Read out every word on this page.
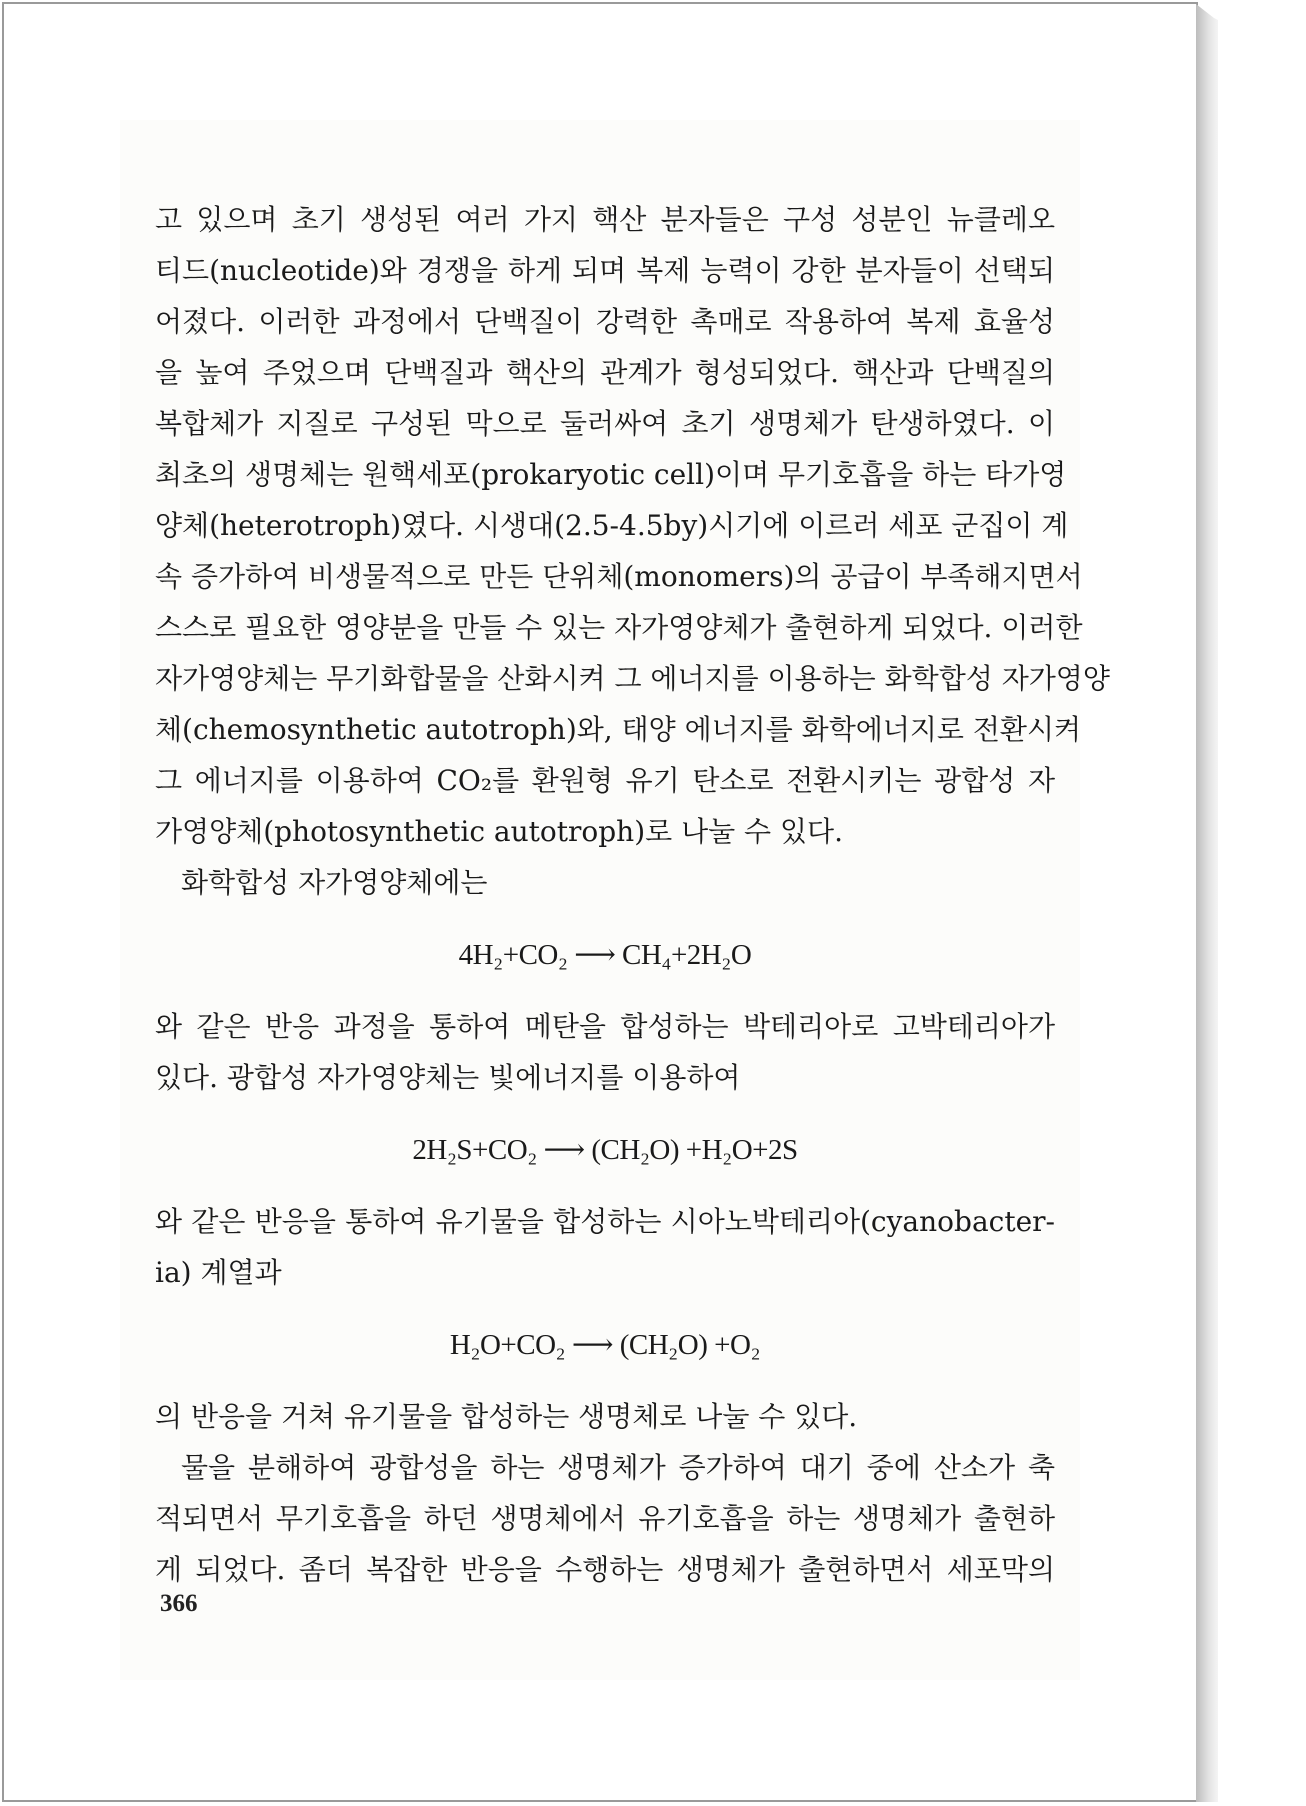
고 있으며 초기 생성된 여러 가지 핵산 분자들은 구성 성분인 뉴클레오
티드(nucleotide)와 경쟁을 하게 되며 복제 능력이 강한 분자들이 선택되
어졌다. 이러한 과정에서 단백질이 강력한 촉매로 작용하여 복제 효율성
을 높여 주었으며 단백질과 핵산의 관계가 형성되었다. 핵산과 단백질의
복합체가 지질로 구성된 막으로 둘러싸여 초기 생명체가 탄생하였다. 이
최초의 생명체는 원핵세포(prokaryotic cell)이며 무기호흡을 하는 타가영
양체(heterotroph)였다. 시생대(2.5-4.5by)시기에 이르러 세포 군집이 계
속 증가하여 비생물적으로 만든 단위체(monomers)의 공급이 부족해지면서
스스로 필요한 영양분을 만들 수 있는 자가영양체가 출현하게 되었다. 이러한
자가영양체는 무기화합물을 산화시켜 그 에너지를 이용하는 화학합성 자가영양
체(chemosynthetic autotroph)와, 태양 에너지를 화학에너지로 전환시켜
그 에너지를 이용하여 CO₂를 환원형 유기 탄소로 전환시키는 광합성 자
가영양체(photosynthetic autotroph)로 나눌 수 있다.
화학합성 자가영양체에는
4H₂+CO₂ ⟶ CH₄+2H₂O
와 같은 반응 과정을 통하여 메탄을 합성하는 박테리아로 고박테리아가
있다. 광합성 자가영양체는 빛에너지를 이용하여
2H₂S+CO₂ ⟶ (CH₂O) +H₂O+2S
와 같은 반응을 통하여 유기물을 합성하는 시아노박테리아(cyanobacter-
ia) 계열과
H₂O+CO₂ ⟶ (CH₂O) +O₂
의 반응을 거쳐 유기물을 합성하는 생명체로 나눌 수 있다.
물을 분해하여 광합성을 하는 생명체가 증가하여 대기 중에 산소가 축
적되면서 무기호흡을 하던 생명체에서 유기호흡을 하는 생명체가 출현하
게 되었다. 좀더 복잡한 반응을 수행하는 생명체가 출현하면서 세포막의
366
